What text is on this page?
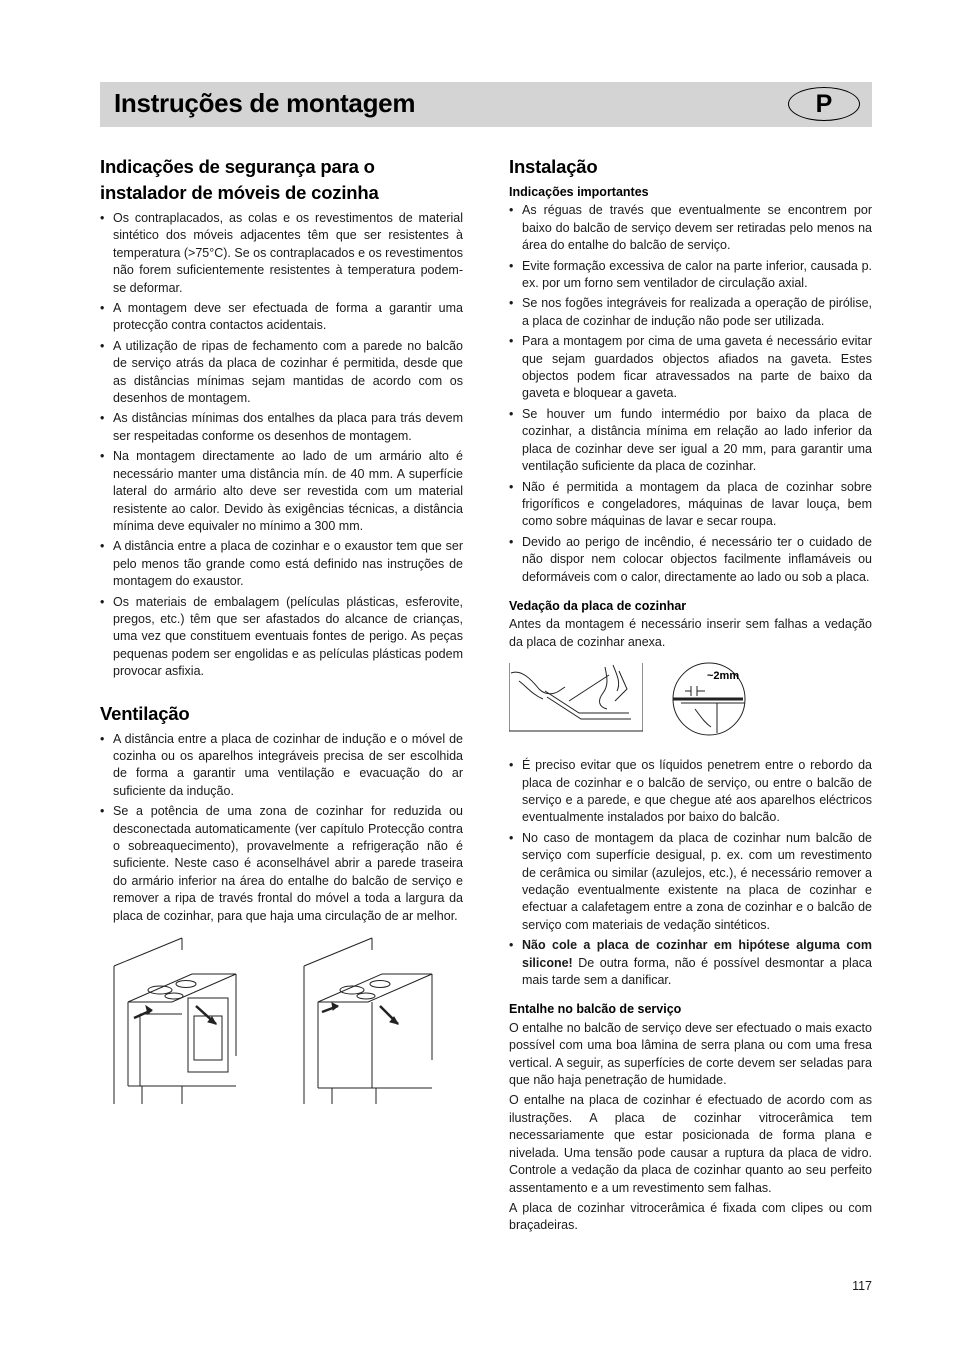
Instruções de montagem	P
Indicações de segurança para o instalador de móveis de cozinha
• Os contraplacados, as colas e os revestimentos de material sintético dos móveis adjacentes têm que ser resistentes à temperatura (>75°C). Se os contraplacados e os revestimentos não forem suficientemente resistentes à temperatura podem-se deformar.
• A montagem deve ser efectuada de forma a garantir uma protecção contra contactos acidentais.
• A utilização de ripas de fechamento com a parede no balcão de serviço atrás da placa de cozinhar é permitida, desde que as distâncias mínimas sejam mantidas de acordo com os desenhos de montagem.
• As distâncias mínimas dos entalhes da placa para trás devem ser respeitadas conforme os desenhos de montagem.
• Na montagem directamente ao lado de um armário alto é necessário manter uma distância mín. de 40 mm. A superfície lateral do armário alto deve ser revestida com um material resistente ao calor. Devido às exigências técnicas, a distância mínima deve equivaler no mínimo a 300 mm.
• A distância entre a placa de cozinhar e o exaustor tem que ser pelo menos tão grande como está definido nas instruções de montagem do exaustor.
• Os materiais de embalagem (películas plásticas, esferovite, pregos, etc.) têm que ser afastados do alcance de crianças, uma vez que constituem eventuais fontes de perigo. As peças pequenas podem ser engolidas e as películas plásticas podem provocar asfixia.
Ventilação
• A distância entre a placa de cozinhar de indução e o móvel de cozinha ou os aparelhos integráveis precisa de ser escolhida de forma a garantir uma ventilação e evacuação do ar suficiente da indução.
• Se a potência de uma zona de cozinhar for reduzida ou desconectada automaticamente (ver capítulo Protecção contra o sobreaquecimento), provavelmente a refrigeração não é suficiente. Neste caso é aconselhável abrir a parede traseira do armário inferior na área do entalhe do balcão de serviço e remover a ripa de través frontal do móvel a toda a largura da placa de cozinhar, para que haja uma circulação de ar melhor.
Instalação
Indicações importantes
• As réguas de través que eventualmente se encontrem por baixo do balcão de serviço devem ser retiradas pelo menos na área do entalhe do balcão de serviço.
• Evite formação excessiva de calor na parte inferior, causada p. ex. por um forno sem ventilador de circulação axial.
• Se nos fogões integráveis for realizada a operação de pirólise, a placa de cozinhar de indução não pode ser utilizada.
• Para a montagem por cima de uma gaveta é necessário evitar que sejam guardados objectos afiados na gaveta. Estes objectos podem ficar atravessados na parte de baixo da gaveta e bloquear a gaveta.
• Se houver um fundo intermédio por baixo da placa de cozinhar, a distância mínima em relação ao lado inferior da placa de cozinhar deve ser igual a 20 mm, para garantir uma ventilação suficiente da placa de cozinhar.
• Não é permitida a montagem da placa de cozinhar sobre frigoríficos e congeladores, máquinas de lavar louça, bem como sobre máquinas de lavar e secar roupa.
• Devido ao perigo de incêndio, é necessário ter o cuidado de não dispor nem colocar objectos facilmente inflamáveis ou deformáveis com o calor, directamente ao lado ou sob a placa.
Vedação da placa de cozinhar

Antes da montagem é necessário inserir sem falhas a vedação da placa de cozinhar anexa.

~2mm
• É preciso evitar que os líquidos penetrem entre o rebordo da placa de cozinhar e o balcão de serviço, ou entre o balcão de serviço e a parede, e que chegue até aos aparelhos eléctricos eventualmente instalados por baixo do balcão.
• No caso de montagem da placa de cozinhar num balcão de serviço com superfície desigual, p. ex. com um revestimento de cerâmica ou similar (azulejos, etc.), é necessário remover a vedação eventualmente existente na placa de cozinhar e efectuar a calafetagem entre a zona de cozinhar e o balcão de serviço com materiais de vedação sintéticos.
• Não cole a placa de cozinhar em hipótese alguma com silicone! De outra forma, não é possível desmontar a placa mais tarde sem a danificar.
Entalhe no balcão de serviço

O entalhe no balcão de serviço deve ser efectuado o mais exacto possível com uma boa lâmina de serra plana ou com uma fresa vertical. A seguir, as superfícies de corte devem ser seladas para que não haja penetração de humidade.

O entalhe na placa de cozinhar é efectuado de acordo com as ilustrações. A placa de cozinhar vitrocerâmica tem necessariamente que estar posicionada de forma plana e nivelada. Uma tensão pode causar a ruptura da placa de vidro. Controle a vedação da placa de cozinhar quanto ao seu perfeito assentamento e a um revestimento sem falhas.

A placa de cozinhar vitrocerâmica é fixada com clipes ou com braçadeiras.

117
